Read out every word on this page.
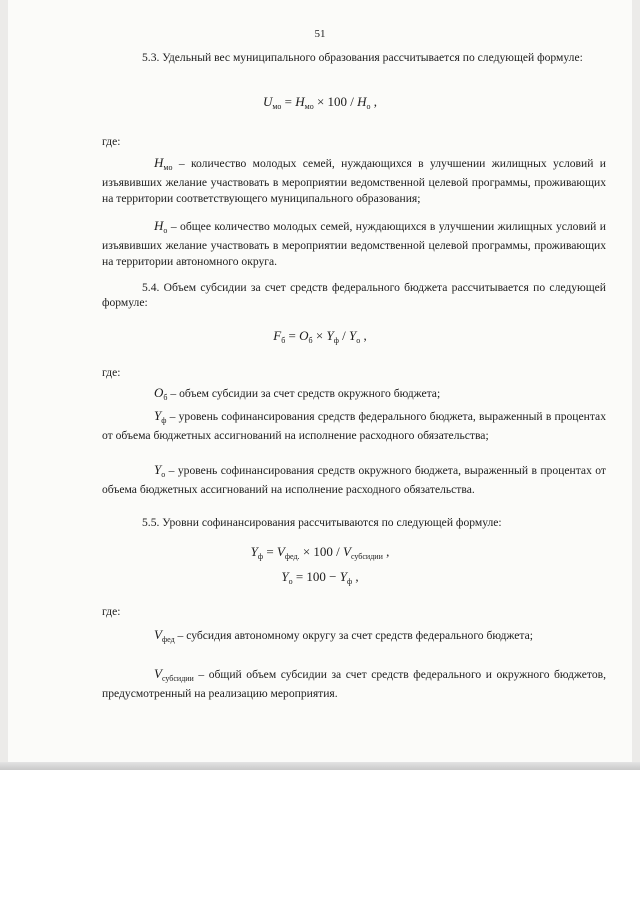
51
5.3. Удельный вес муниципального образования рассчитывается по следующей формуле:
$U_{мо} = Н_{мо} \times 100 / Н_о$ ,
где:
$Н_{мо}$ – количество молодых семей, нуждающихся в улучшении жилищных условий и изъявивших желание участвовать в мероприятии ведомственной целевой программы, проживающих на территории соответствующего муниципального образования;
$Н_о$ – общее количество молодых семей, нуждающихся в улучшении жилищных условий и изъявивших желание участвовать в мероприятии ведомственной целевой программы, проживающих на территории автономного округа.
5.4. Объем субсидии за счет средств федерального бюджета рассчитывается по следующей формуле:
$F_б = O_б \times Y_ф / Y_о$ ,
где:
$O_б$ – объем субсидии за счет средств окружного бюджета;
$Y_ф$ – уровень софинансирования средств федерального бюджета, выраженный в процентах от объема бюджетных ассигнований на исполнение расходного обязательства;
$Y_о$ – уровень софинансирования средств окружного бюджета, выраженный в процентах от объема бюджетных ассигнований на исполнение расходного обязательства.
5.5. Уровни софинансирования рассчитываются по следующей формуле:
$Y_ф = V_{фед.} \times 100 / V_{субсидии}$ ,
$Y_о = 100 - Y_ф$ ,
где:
$V_{фед}$ – субсидия автономному округу за счет средств федерального бюджета;
$V_{субсидии}$ – общий объем субсидии за счет средств федерального и окружного бюджетов, предусмотренный на реализацию мероприятия.
